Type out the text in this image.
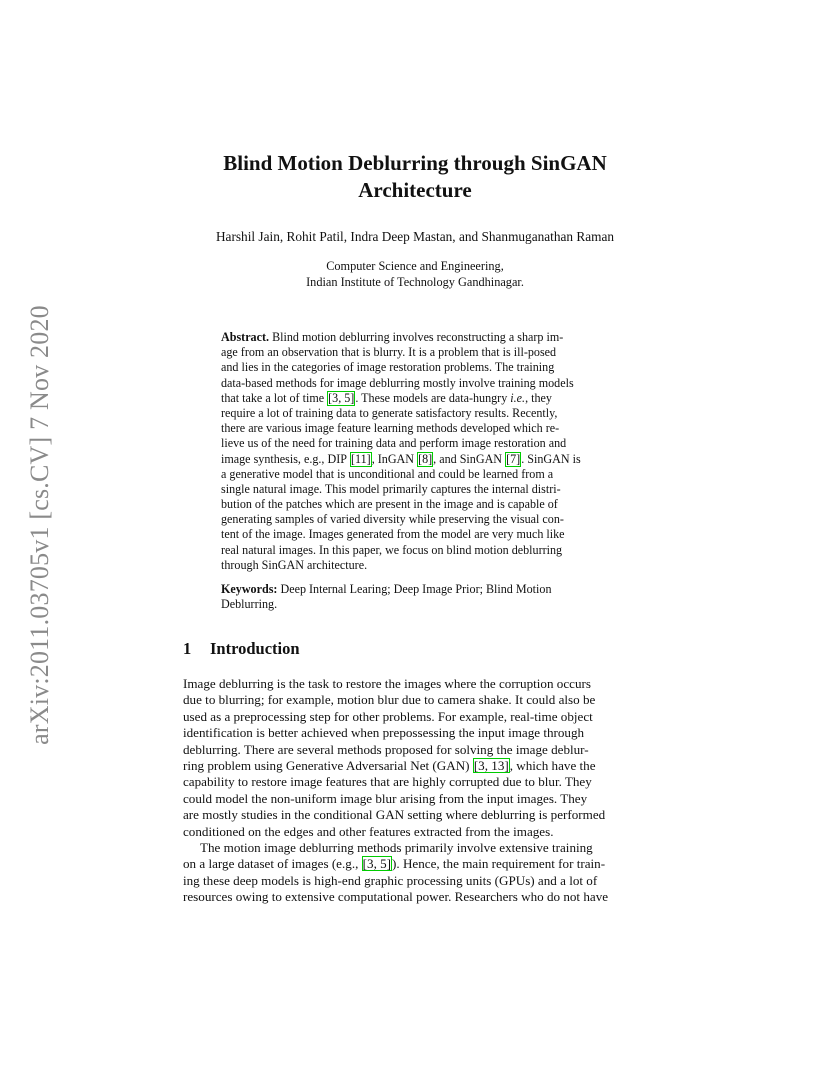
arXiv:2011.03705v1 [cs.CV] 7 Nov 2020
Blind Motion Deblurring through SinGAN
Architecture
Harshil Jain, Rohit Patil, Indra Deep Mastan, and Shanmuganathan Raman
Computer Science and Engineering,
Indian Institute of Technology Gandhinagar.
Abstract. Blind motion deblurring involves reconstructing a sharp im-
age from an observation that is blurry. It is a problem that is ill-posed
and lies in the categories of image restoration problems. The training
data-based methods for image deblurring mostly involve training models
that take a lot of time [3, 5]. These models are data-hungry i.e., they
require a lot of training data to generate satisfactory results. Recently,
there are various image feature learning methods developed which re-
lieve us of the need for training data and perform image restoration and
image synthesis, e.g., DIP [11], InGAN [8], and SinGAN [7]. SinGAN is
a generative model that is unconditional and could be learned from a
single natural image. This model primarily captures the internal distri-
bution of the patches which are present in the image and is capable of
generating samples of varied diversity while preserving the visual con-
tent of the image. Images generated from the model are very much like
real natural images. In this paper, we focus on blind motion deblurring
through SinGAN architecture.
Keywords: Deep Internal Learing; Deep Image Prior; Blind Motion
Deblurring.
1 Introduction
Image deblurring is the task to restore the images where the corruption occurs
due to blurring; for example, motion blur due to camera shake. It could also be
used as a preprocessing step for other problems. For example, real-time object
identification is better achieved when prepossessing the input image through
deblurring. There are several methods proposed for solving the image deblur-
ring problem using Generative Adversarial Net (GAN) [3, 13], which have the
capability to restore image features that are highly corrupted due to blur. They
could model the non-uniform image blur arising from the input images. They
are mostly studies in the conditional GAN setting where deblurring is performed
conditioned on the edges and other features extracted from the images.
The motion image deblurring methods primarily involve extensive training
on a large dataset of images (e.g., [3, 5]). Hence, the main requirement for train-
ing these deep models is high-end graphic processing units (GPUs) and a lot of
resources owing to extensive computational power. Researchers who do not have
